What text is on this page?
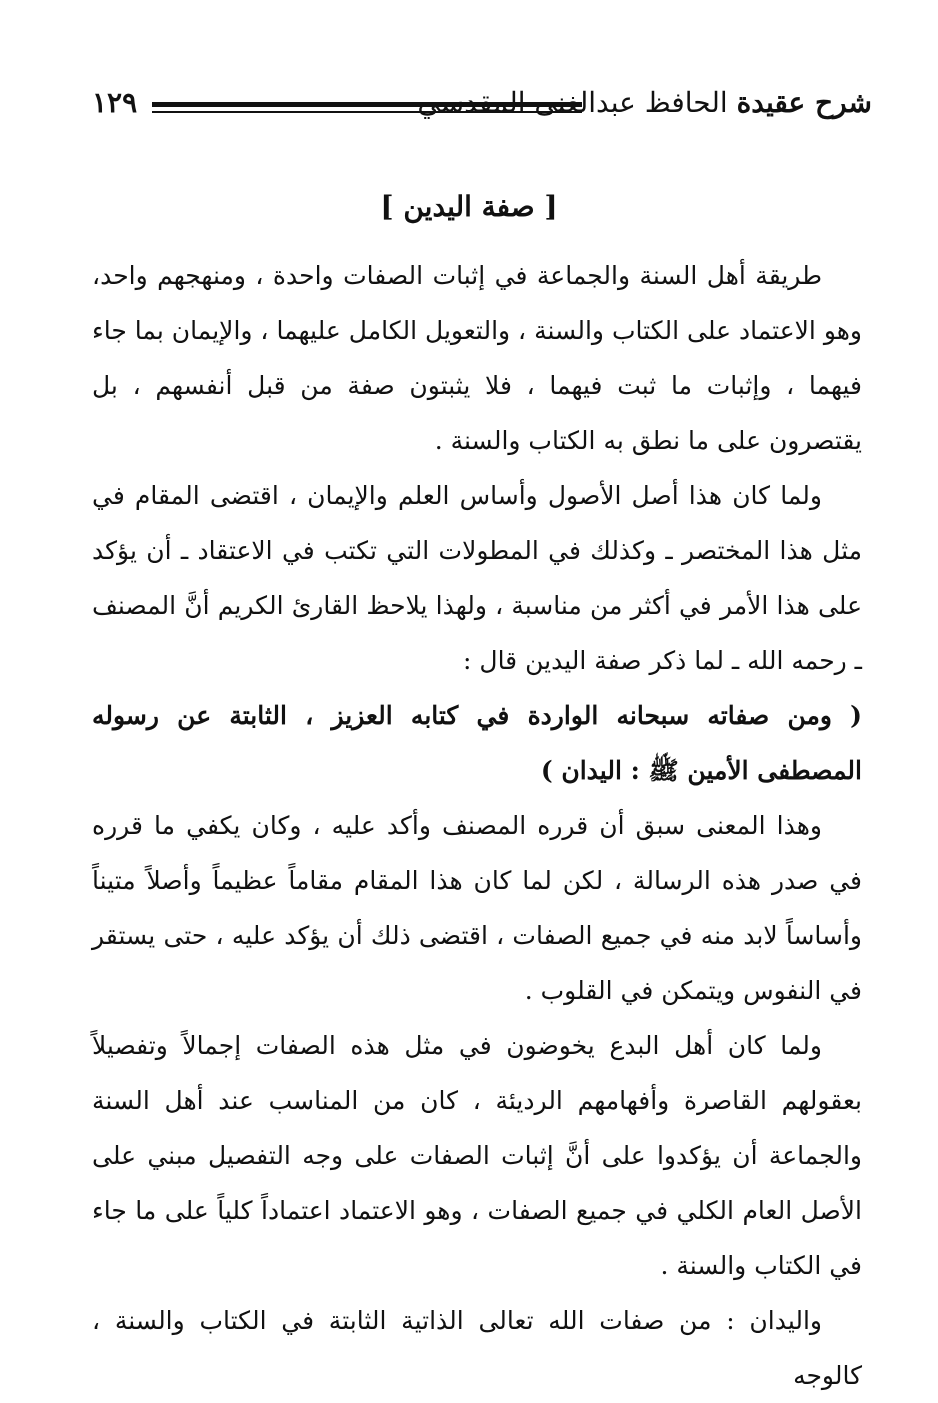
شرح عقيدة الحافظ عبدالغنى المقدسي
١٢٩
[ صفة اليدين ]

طريقة أهل السنة والجماعة في إثبات الصفات واحدة ، ومنهجهم واحد، وهو الاعتماد على الكتاب والسنة ، والتعويل الكامل عليهما ، والإيمان بما جاء فيهما ، وإثبات ما ثبت فيهما ، فلا يثبتون صفة من قبل أنفسهم ، بل يقتصرون على ما نطق به الكتاب والسنة .

ولما كان هذا أصل الأصول وأساس العلم والإيمان ، اقتضى المقام في مثل هذا المختصر ـ وكذلك في المطولات التي تكتب في الاعتقاد ـ أن يؤكد على هذا الأمر في أكثر من مناسبة ، ولهذا يلاحظ القارئ الكريم أنَّ المصنف ـ رحمه الله ـ لما ذكر صفة اليدين قال :

( ومن صفاته سبحانه الواردة في كتابه العزيز ، الثابتة عن رسوله المصطفى الأمين ﷺ : اليدان )

وهذا المعنى سبق أن قرره المصنف وأكد عليه ، وكان يكفي ما قرره في صدر هذه الرسالة ، لكن لما كان هذا المقام مقاماً عظيماً وأصلاً متيناً وأساساً لابد منه في جميع الصفات ، اقتضى ذلك أن يؤكد عليه ، حتى يستقر في النفوس ويتمكن في القلوب .

ولما كان أهل البدع يخوضون في مثل هذه الصفات إجمالاً وتفصيلاً بعقولهم القاصرة وأفهامهم الرديئة ، كان من المناسب عند أهل السنة والجماعة أن يؤكدوا على أنَّ إثبات الصفات على وجه التفصيل مبني على الأصل العام الكلي في جميع الصفات ، وهو الاعتماد اعتماداً كلياً على ما جاء في الكتاب والسنة .

واليدان : من صفات الله تعالى الذاتية الثابتة في الكتاب والسنة ، كالوجه
